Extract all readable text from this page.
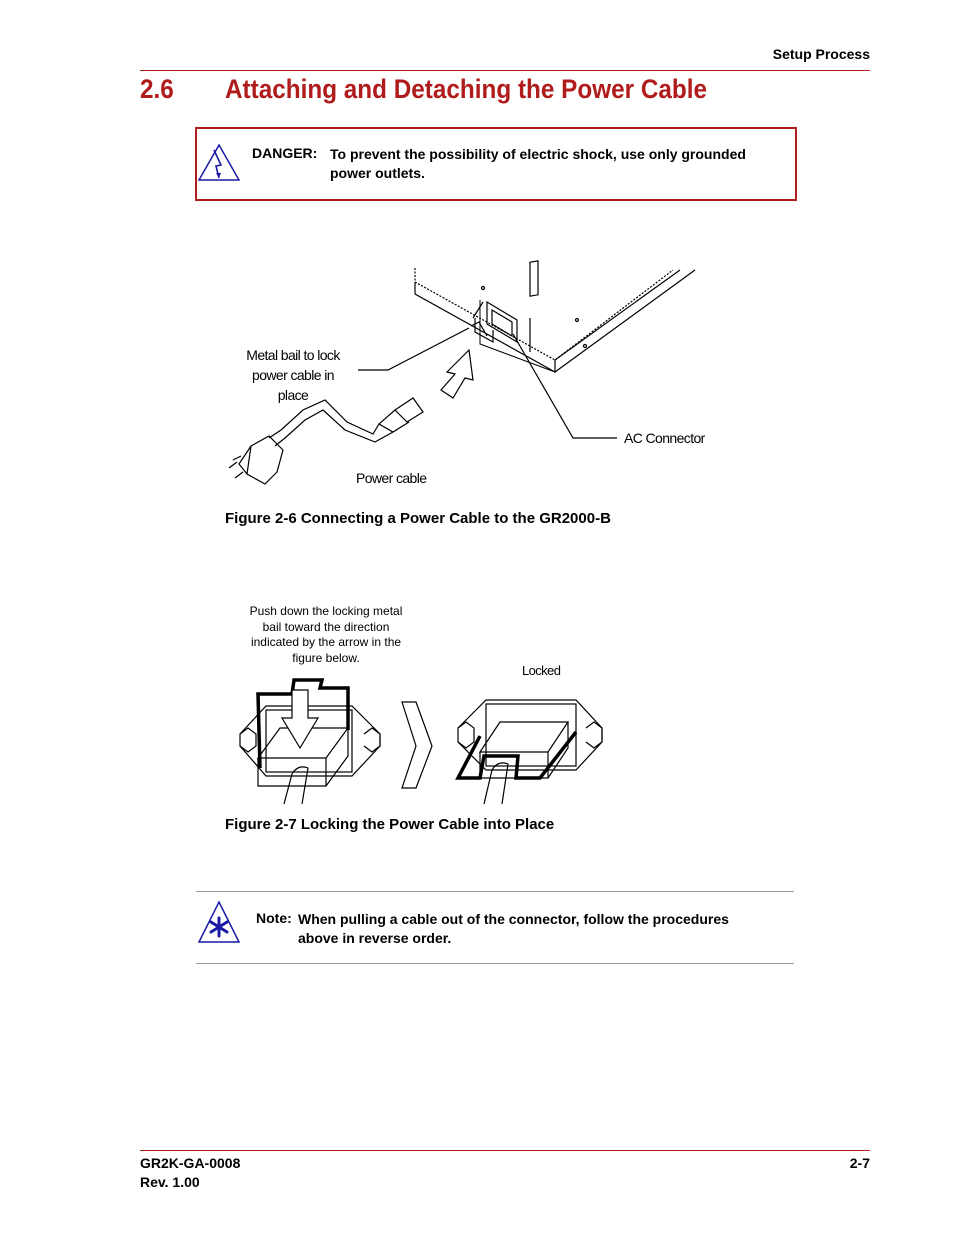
Setup Process
2.6 Attaching and Detaching the Power Cable
DANGER: To prevent the possibility of electric shock, use only grounded power outlets.
Metal bail to lock
power cable in
place
AC Connector
Power cable
Figure 2-6 Connecting a Power Cable to the GR2000-B
Push down the locking metal
bail toward the direction
indicated by the arrow in the
figure below.
Locked
Figure 2-7 Locking the Power Cable into Place
Note: When pulling a cable out of the connector, follow the procedures above in reverse order.
GR2K-GA-0008
Rev. 1.00
2-7
